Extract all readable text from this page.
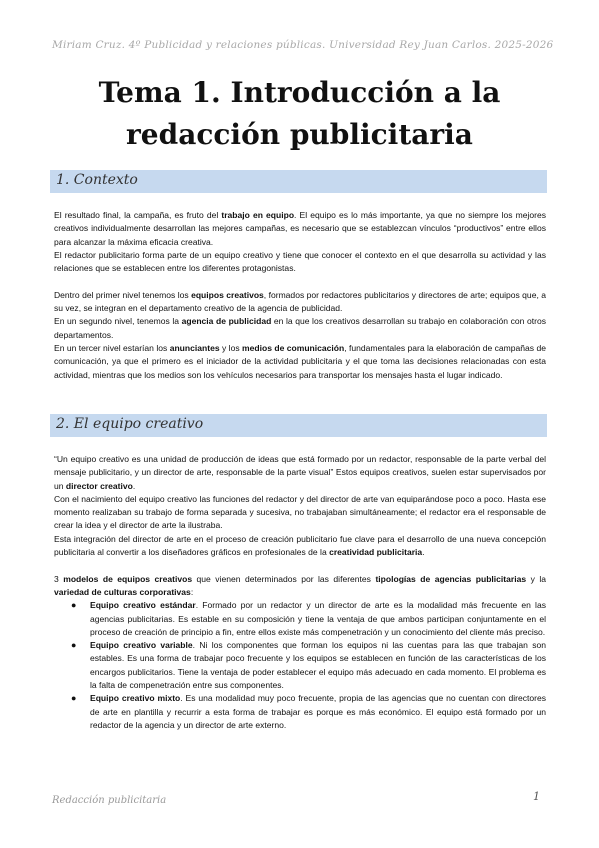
Miriam Cruz. 4º Publicidad y relaciones públicas. Universidad Rey Juan Carlos. 2025-2026
Tema 1. Introducción a la
redacción publicitaria
1. Contexto

El resultado final, la campaña, es fruto del trabajo en equipo. El equipo es lo más importante, ya que no siempre los mejores creativos individualmente desarrollan las mejores campañas, es necesario que se establezcan vínculos “productivos” entre ellos para alcanzar la máxima eficacia creativa.

El redactor publicitario forma parte de un equipo creativo y tiene que conocer el contexto en el que desarrolla su actividad y las relaciones que se establecen entre los diferentes protagonistas.

Dentro del primer nivel tenemos los equipos creativos, formados por redactores publicitarios y directores de arte; equipos que, a su vez, se integran en el departamento creativo de la agencia de publicidad.

En un segundo nivel, tenemos la agencia de publicidad en la que los creativos desarrollan su trabajo en colaboración con otros departamentos.

En un tercer nivel estarían los anunciantes y los medios de comunicación, fundamentales para la elaboración de campañas de comunicación, ya que el primero es el iniciador de la actividad publicitaria y el que toma las decisiones relacionadas con esta actividad, mientras que los medios son los vehículos necesarios para transportar los mensajes hasta el lugar indicado.

2. El equipo creativo

“Un equipo creativo es una unidad de producción de ideas que está formado por un redactor, responsable de la parte verbal del mensaje publicitario, y un director de arte, responsable de la parte visual” Estos equipos creativos, suelen estar supervisados por un director creativo.

Con el nacimiento del equipo creativo las funciones del redactor y del director de arte van equiparándose poco a poco. Hasta ese momento realizaban su trabajo de forma separada y sucesiva, no trabajaban simultáneamente; el redactor era el responsable de crear la idea y el director de arte la ilustraba.

Esta integración del director de arte en el proceso de creación publicitario fue clave para el desarrollo de una nueva concepción publicitaria al convertir a los diseñadores gráficos en profesionales de la creatividad publicitaria.

3 modelos de equipos creativos que vienen determinados por las diferentes tipologías de agencias publicitarias y la variedad de culturas corporativas:

● Equipo creativo estándar. Formado por un redactor y un director de arte es la modalidad más frecuente en las agencias publicitarias. Es estable en su composición y tiene la ventaja de que ambos participan conjuntamente en el proceso de creación de principio a fin, entre ellos existe más compenetración y un conocimiento del cliente más preciso.
● Equipo creativo variable. Ni los componentes que forman los equipos ni las cuentas para las que trabajan son estables. Es una forma de trabajar poco frecuente y los equipos se establecen en función de las características de los encargos publicitarios. Tiene la ventaja de poder establecer el equipo más adecuado en cada momento. El problema es la falta de compenetración entre sus componentes.
● Equipo creativo mixto. Es una modalidad muy poco frecuente, propia de las agencias que no cuentan con directores de arte en plantilla y recurrir a esta forma de trabajar es porque es más económico. El equipo está formado por un redactor de la agencia y un director de arte externo.
Redacción publicitaria	1
